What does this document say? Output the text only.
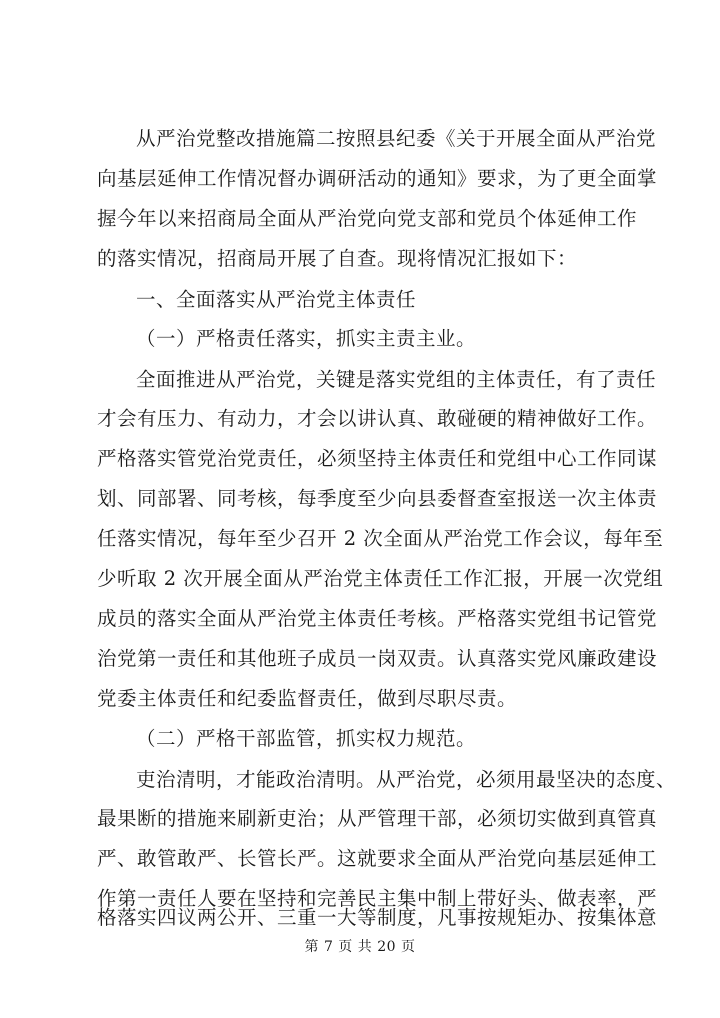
从严治党整改措施篇二按照县纪委《关于开展全面从严治党
向基层延伸工作情况督办调研活动的通知》要求，为了更全面掌
握今年以来招商局全面从严治党向党支部和党员个体延伸工作
的落实情况，招商局开展了自查。现将情况汇报如下：
一、全面落实从严治党主体责任
（一）严格责任落实，抓实主责主业。
全面推进从严治党，关键是落实党组的主体责任，有了责任
才会有压力、有动力，才会以讲认真、敢碰硬的精神做好工作。
严格落实管党治党责任，必须坚持主体责任和党组中心工作同谋
划、同部署、同考核，每季度至少向县委督查室报送一次主体责
任落实情况，每年至少召开 2 次全面从严治党工作会议，每年至
少听取 2 次开展全面从严治党主体责任工作汇报，开展一次党组
成员的落实全面从严治党主体责任考核。严格落实党组书记管党
治党第一责任和其他班子成员一岗双责。认真落实党风廉政建设
党委主体责任和纪委监督责任，做到尽职尽责。
（二）严格干部监管，抓实权力规范。
吏治清明，才能政治清明。从严治党，必须用最坚决的态度、
最果断的措施来刷新吏治；从严管理干部，必须切实做到真管真
严、敢管敢严、长管长严。这就要求全面从严治党向基层延伸工
作第一责任人要在坚持和完善民主集中制上带好头、做表率，严
格落实四议两公开、三重一大等制度，凡事按规矩办、按集体意
第 7 页 共 20 页
